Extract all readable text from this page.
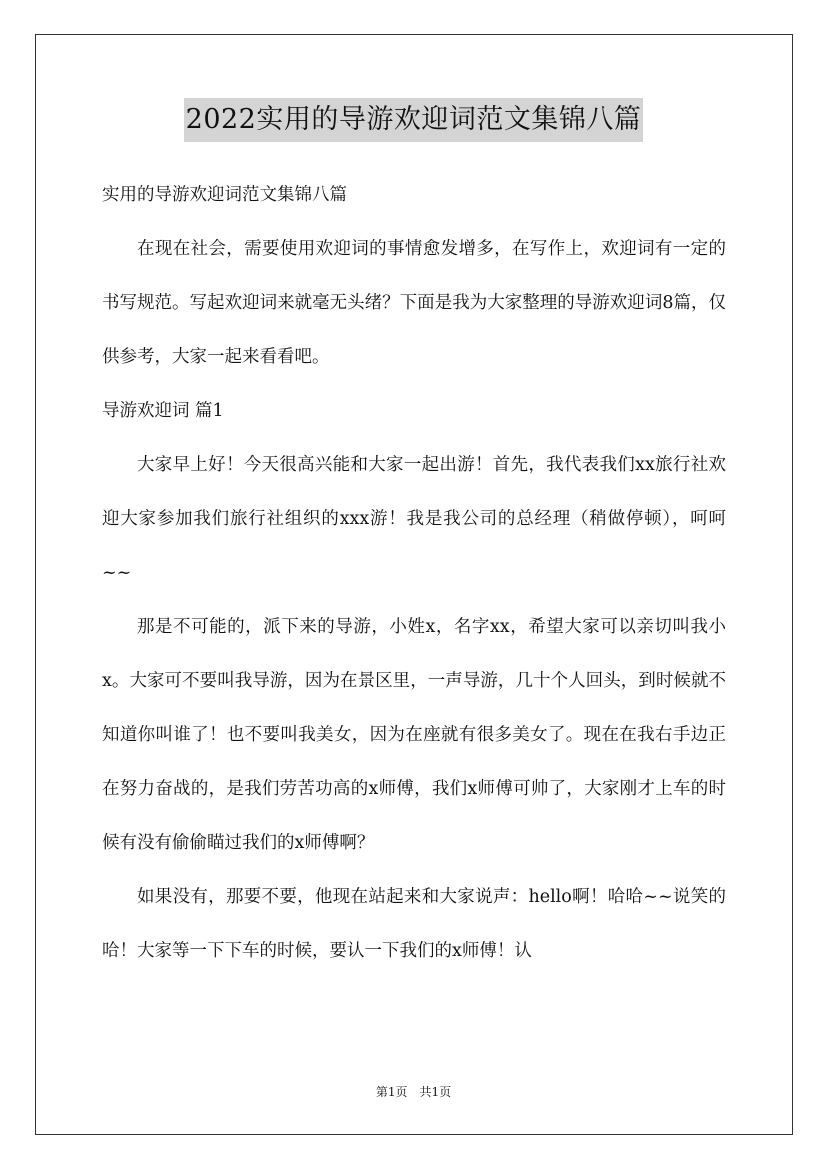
2022实用的导游欢迎词范文集锦八篇

实用的导游欢迎词范文集锦八篇

在现在社会，需要使用欢迎词的事情愈发增多，在写作上，欢迎词有一定的书写规范。写起欢迎词来就毫无头绪？下面是我为大家整理的导游欢迎词8篇，仅供参考，大家一起来看看吧。

导游欢迎词 篇1

大家早上好！今天很高兴能和大家一起出游！首先，我代表我们xx旅行社欢迎大家参加我们旅行社组织的xxx游！我是我公司的总经理（稍做停顿），呵呵~~

那是不可能的，派下来的导游，小姓x，名字xx，希望大家可以亲切叫我小x。大家可不要叫我导游，因为在景区里，一声导游，几十个人回头，到时候就不知道你叫谁了！也不要叫我美女，因为在座就有很多美女了。现在在我右手边正在努力奋战的，是我们劳苦功高的x师傅，我们x师傅可帅了，大家刚才上车的时候有没有偷偷瞄过我们的x师傅啊？

如果没有，那要不要，他现在站起来和大家说声：hello啊！哈哈~~说笑的哈！大家等一下下车的时候，要认一下我们的x师傅！认

第1页　共1页
